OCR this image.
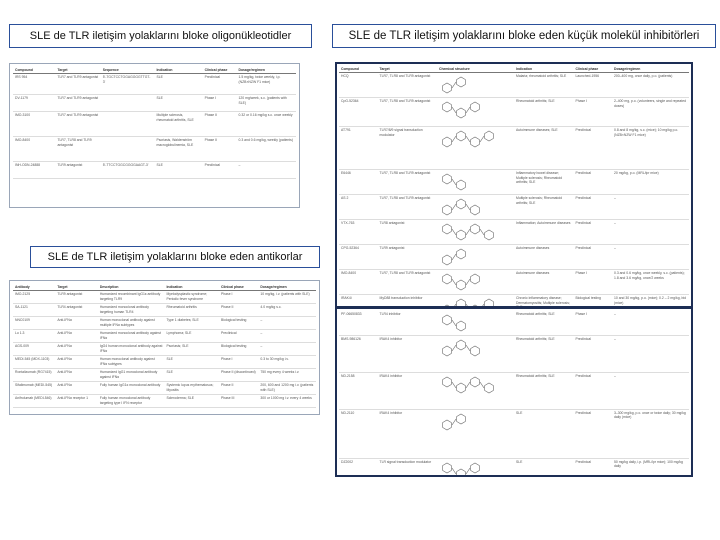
SLE de TLR iletişim yolaklarını bloke oligonükleotidler	SLE de TLR iletişim yolaklarını bloke eden küçük molekül inhibitörleri
SLE de TLR iletişim yolaklarını bloke eden antikorlar
Compound	Target	Sequence	Indication	Clinical phase	Dosage/regimen
IRS 954	TLR7 and TLR9 antagonist	5'-TGCTCCTGGAGGGGTTGT-3'	SLE	Preclinical	1.5 mg/kg, twice weekly, i.p. (NZB×NZW F1 mice)
DV-1179	TLR7 and TLR9 antagonist		SLE	Phase I	120 mg/week, s.c. (patients with SLE)
IMO-3100	TLR7 and TLR9 antagonist		Multiple sclerosis, rheumatoid arthritis, SLE	Phase II	0.32 or 0.16 mg/kg s.c. once weekly
IMO-8400	TLR7, TLR8 and TLR9 antagonist		Psoriasis, Waldenström macroglobulinemia, SLE	Phase II	0.3 and 0.6 mg/kg, weekly (patients)
INH-ODN-24888	TLR9 antagonist	5'-TTCCTGGCGGGGAAGT-3'	SLE	Preclinical	–
Antibody	Target	Description	Indication	Clinical phase	Dosage/regimen
IMO-2125	TLR9 antagonist	Humanized recombinant IgG1κ antibody targeting TLR9	Myelodysplastic syndrome; Periodic fever syndrome	Phase I	10 mg/kg, i.v. (patients with SLE)
SA-1121	TLR4 antagonist	Humanized monoclonal antibody targeting human TLR4	Rheumatoid arthritis	Phase II	4.0 mg/kg s.c.
NNC0109	Anti-IFNα	Human monoclonal antibody against multiple IFNα subtypes	Type 1 diabetes; SLE	Biological testing	–
Lu 1.3	Anti-IFNα	Humanized monoclonal antibody against IFNα	Lymphoma; SLE	Preclinical	–
AGS-009	Anti-IFNα	IgG4 human monoclonal antibody against IFNα	Psoriasis; SLE	Biological testing	–
MEDI-545 (MDX-1103)	Anti-IFNα	Human monoclonal antibody against IFNα subtypes	SLE	Phase I	0.3 to 30 mg/kg i.v.
Rontalizumab (RG7415)	Anti-IFNα	Humanized IgG1 monoclonal antibody against IFNα	SLE	Phase II (discontinued)	750 mg every 4 weeks i.v.
Sifalimumab (MEDI-545)	Anti-IFNα	Fully human IgG1κ monoclonal antibody	Systemic lupus erythematosus; Myositis	Phase II	200, 600 and 1200 mg i.v. (patients with SLE)
Anifrolumab (MEDI-546)	Anti-IFNα receptor 1	Fully human monoclonal antibody targeting type I IFN receptor	Scleroderma; SLE	Phase III	300 or 1000 mg i.v. every 4 weeks
Compound	Target	Chemical structure	Indication	Clinical phase	Dosage/regimen
HCQ	TLR7, TLR8 and TLR9 antagonist		Malaria; rheumatoid arthritis; SLE	Launched-1956	200–400 mg, once daily, p.o. (patients)
CpG-52364	TLR7, TLR8 and TLR9 antagonist		Rheumatoid arthritis; SLE	Phase I	2–400 mg, p.o. (volunteers, single and repeated doses)
AT791	TLR7/8/9 signal transduction modulator		Autoimmune diseases; SLE	Preclinical	0.8 and 8 mg/kg, s.c. (mice); 10 mg/kg p.o. (NZB×NZW F1 mice)
E6446	TLR7, TLR8 and TLR9 antagonist		Inflammatory bowel disease; Multiple sclerosis; Rheumatoid arthritis; SLE	Preclinical	20 mg/kg, p.o. (MRL/lpr mice)
AS 2	TLR7, TLR8 and TLR9 antagonist		Multiple sclerosis; Rheumatoid arthritis; SLE	Preclinical	–
VTX-763	TLR8 antagonist		Inflammation; Autoimmune diseases	Preclinical	–
CPG-52364	TLR9 antagonist		Autoimmune diseases	Preclinical	–
IMO-8400	TLR7, TLR8 and TLR9 antagonist		Autoimmune diseases	Phase I	0.3 and 0.6 mg/kg, once weekly, s.c. (patients); 1.8 and 3.6 mg/kg, once/2 weeks
IRAK4i	MyD88 transduction inhibitor		Chronic inflammatory disease; Dermatomyositis; Multiple sclerosis;	Biological testing	10 and 30 mg/kg, p.o. (mice); 0.2 – 2 mg/kg, bid (mice)
PF-06650833	TLR4 inhibitor		Rheumatoid arthritis; SLE	Phase I	–
BMS-986126	IRAK4 inhibitor		Rheumatoid arthritis; SLE	Preclinical	–
ND-2158	IRAK4 inhibitor		Rheumatoid arthritis; SLE	Preclinical	–
ND-2110	IRAK4 inhibitor		SLE	Preclinical	3–300 mg/kg, p.o. once or twice daily; 30 mg/kg daily (mice)
DZ2002	TLR signal transduction modulator		SLE	Preclinical	50 mg/kg daily, i.p. (MRL/lpr mice); 100 mg/kg daily
